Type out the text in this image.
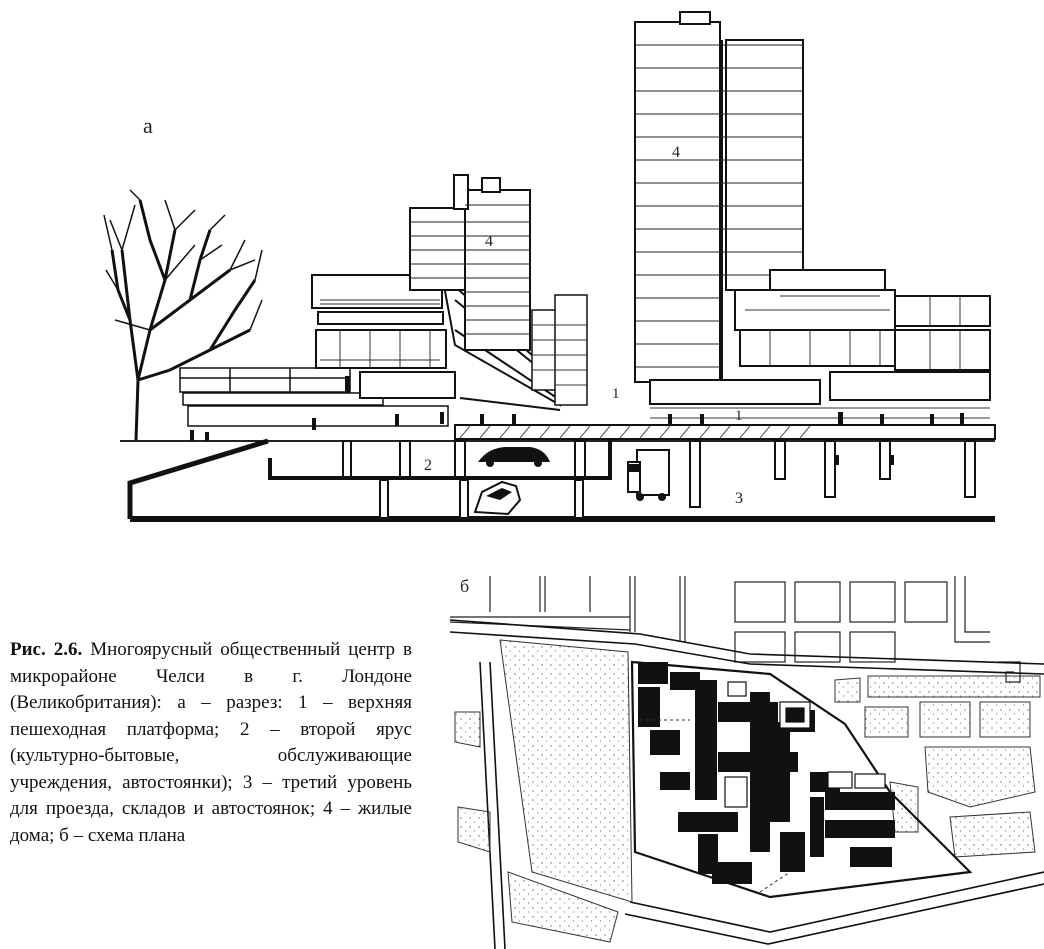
а
4
4
1
1
2
3
б
Рис. 2.6. Многоярусный общественный центр в микрорайоне Челси в г. Лондоне (Великобритания): а – разрез: 1 – верхняя пешеходная платформа; 2 – второй ярус (культурно-бытовые, обслуживающие учреждения, автостоянки); 3 – третий уровень для проезда, складов и автостоянок; 4 – жилые дома; б – схема плана
